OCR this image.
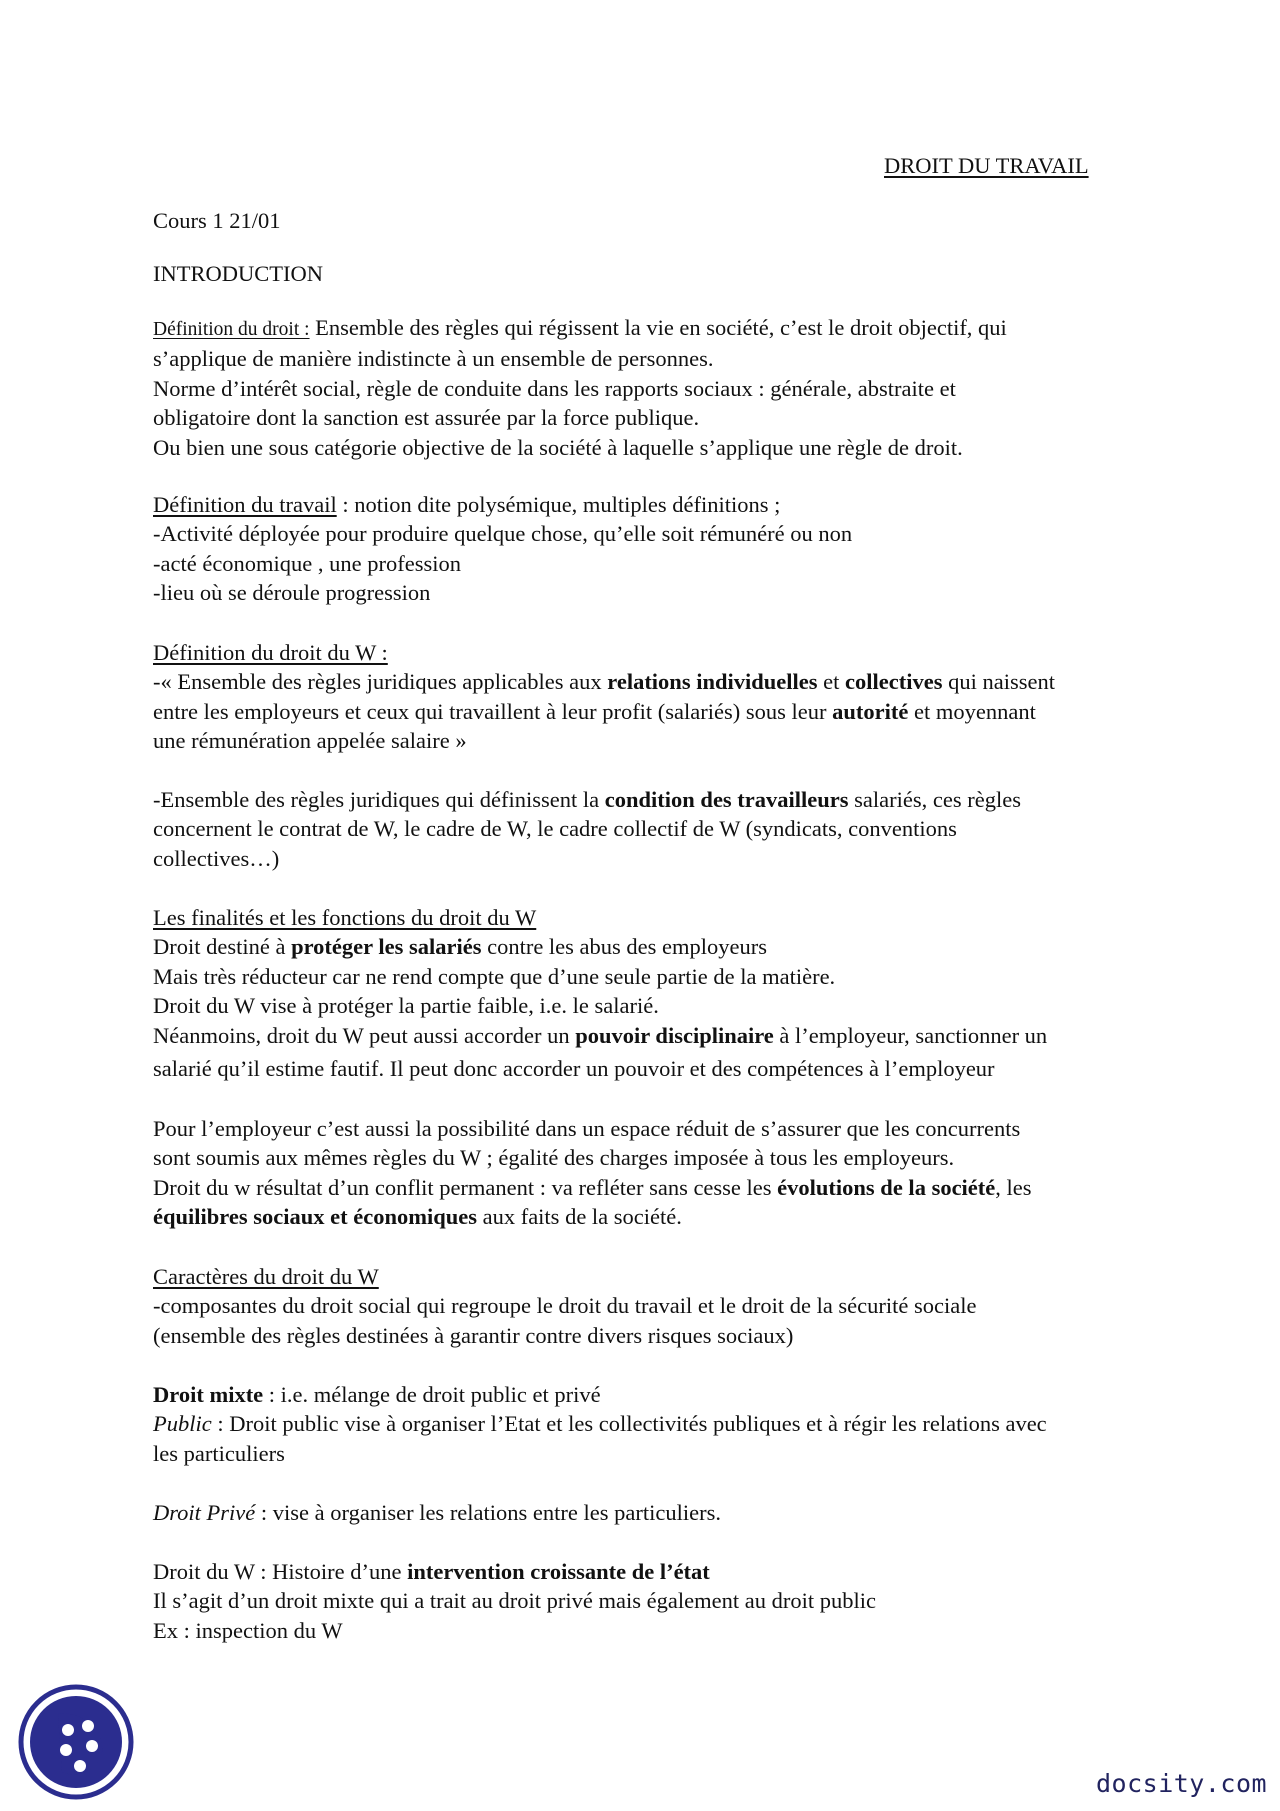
DROIT DU TRAVAIL
Cours 1 21/01
INTRODUCTION
Définition du droit : Ensemble des règles qui régissent la vie en société, c’est le droit objectif, qui
s’applique de manière indistincte à un ensemble de personnes.
Norme d’intérêt social, règle de conduite dans les rapports sociaux : générale, abstraite et
obligatoire dont la sanction est assurée par la force publique.
Ou bien une sous catégorie objective de la société à laquelle s’applique une règle de droit.
Définition du travail : notion dite polysémique, multiples définitions ;
-Activité déployée pour produire quelque chose, qu’elle soit rémunéré ou non
-acté économique , une profession
-lieu où se déroule progression
Définition du droit du W :
-« Ensemble des règles juridiques applicables aux relations individuelles et collectives qui naissent
entre les employeurs et ceux qui travaillent à leur profit (salariés) sous leur autorité et moyennant
une rémunération appelée salaire »
-Ensemble des règles juridiques qui définissent la condition des travailleurs salariés, ces règles
concernent le contrat de W, le cadre de W, le cadre collectif de W (syndicats, conventions
collectives…)
Les finalités et les fonctions du droit du W
Droit destiné à protéger les salariés contre les abus des employeurs
Mais très réducteur car ne rend compte que d’une seule partie de la matière.
Droit du W vise à protéger la partie faible, i.e. le salarié.
Néanmoins, droit du W peut aussi accorder un pouvoir disciplinaire à l’employeur, sanctionner un
salarié qu’il estime fautif. Il peut donc accorder un pouvoir et des compétences à l’employeur
Pour l’employeur c’est aussi la possibilité dans un espace réduit de s’assurer que les concurrents
sont soumis aux mêmes règles du W ; égalité des charges imposée à tous les employeurs.
Droit du w résultat d’un conflit permanent : va refléter sans cesse les évolutions de la société, les
équilibres sociaux et économiques aux faits de la société.
Caractères du droit du W
-composantes du droit social qui regroupe le droit du travail et le droit de la sécurité sociale
(ensemble des règles destinées à garantir contre divers risques sociaux)
Droit mixte : i.e. mélange de droit public et privé
Public : Droit public vise à organiser l’Etat et les collectivités publiques et à régir les relations avec
les particuliers
Droit Privé : vise à organiser les relations entre les particuliers.
Droit du W : Histoire d’une intervention croissante de l’état
Il s’agit d’un droit mixte qui a trait au droit privé mais également au droit public
Ex : inspection du W
docsity.com
